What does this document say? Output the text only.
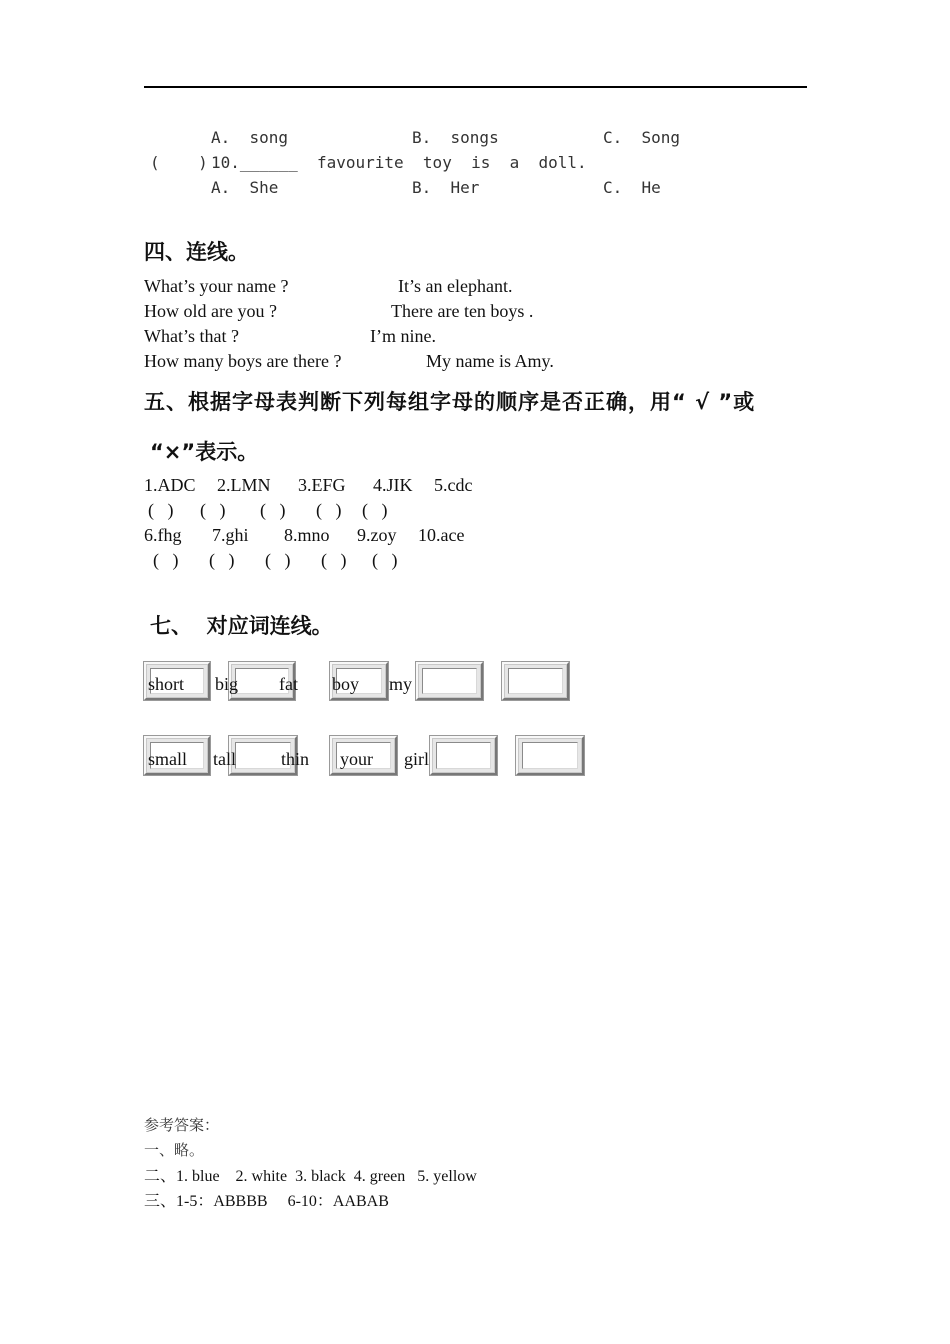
A.  song	B.  songs	C.  Song
(    ) 10.______  favourite  toy  is  a  doll.
A.  She	B.  Her	C.  He
四、连线。
What’s your name ?	It’s an elephant.
How old are you ?	There are ten boys .
What’s that ?	I’m nine.
How many boys are there ?	My name is Amy.
五、根据字母表判断下列每组字母的顺序是否正确，用“ √ ”或
“×”表示。
1.ADC 2.LMN 3.EFG 4.JIK 5.cdc
(   ) (   ) (   ) (   ) (   )
6.fhg 7.ghi 8.mno 9.zoy 10.ace
(   ) (   ) (   ) (   ) (   )
七、  对应词连线。
short big fat boy my
small tall	thin your girl
参考答案：
一、略。
二、1. blue    2. white  3. black  4. green   5. yellow
三、1-5：ABBBB     6-10：AABAB
